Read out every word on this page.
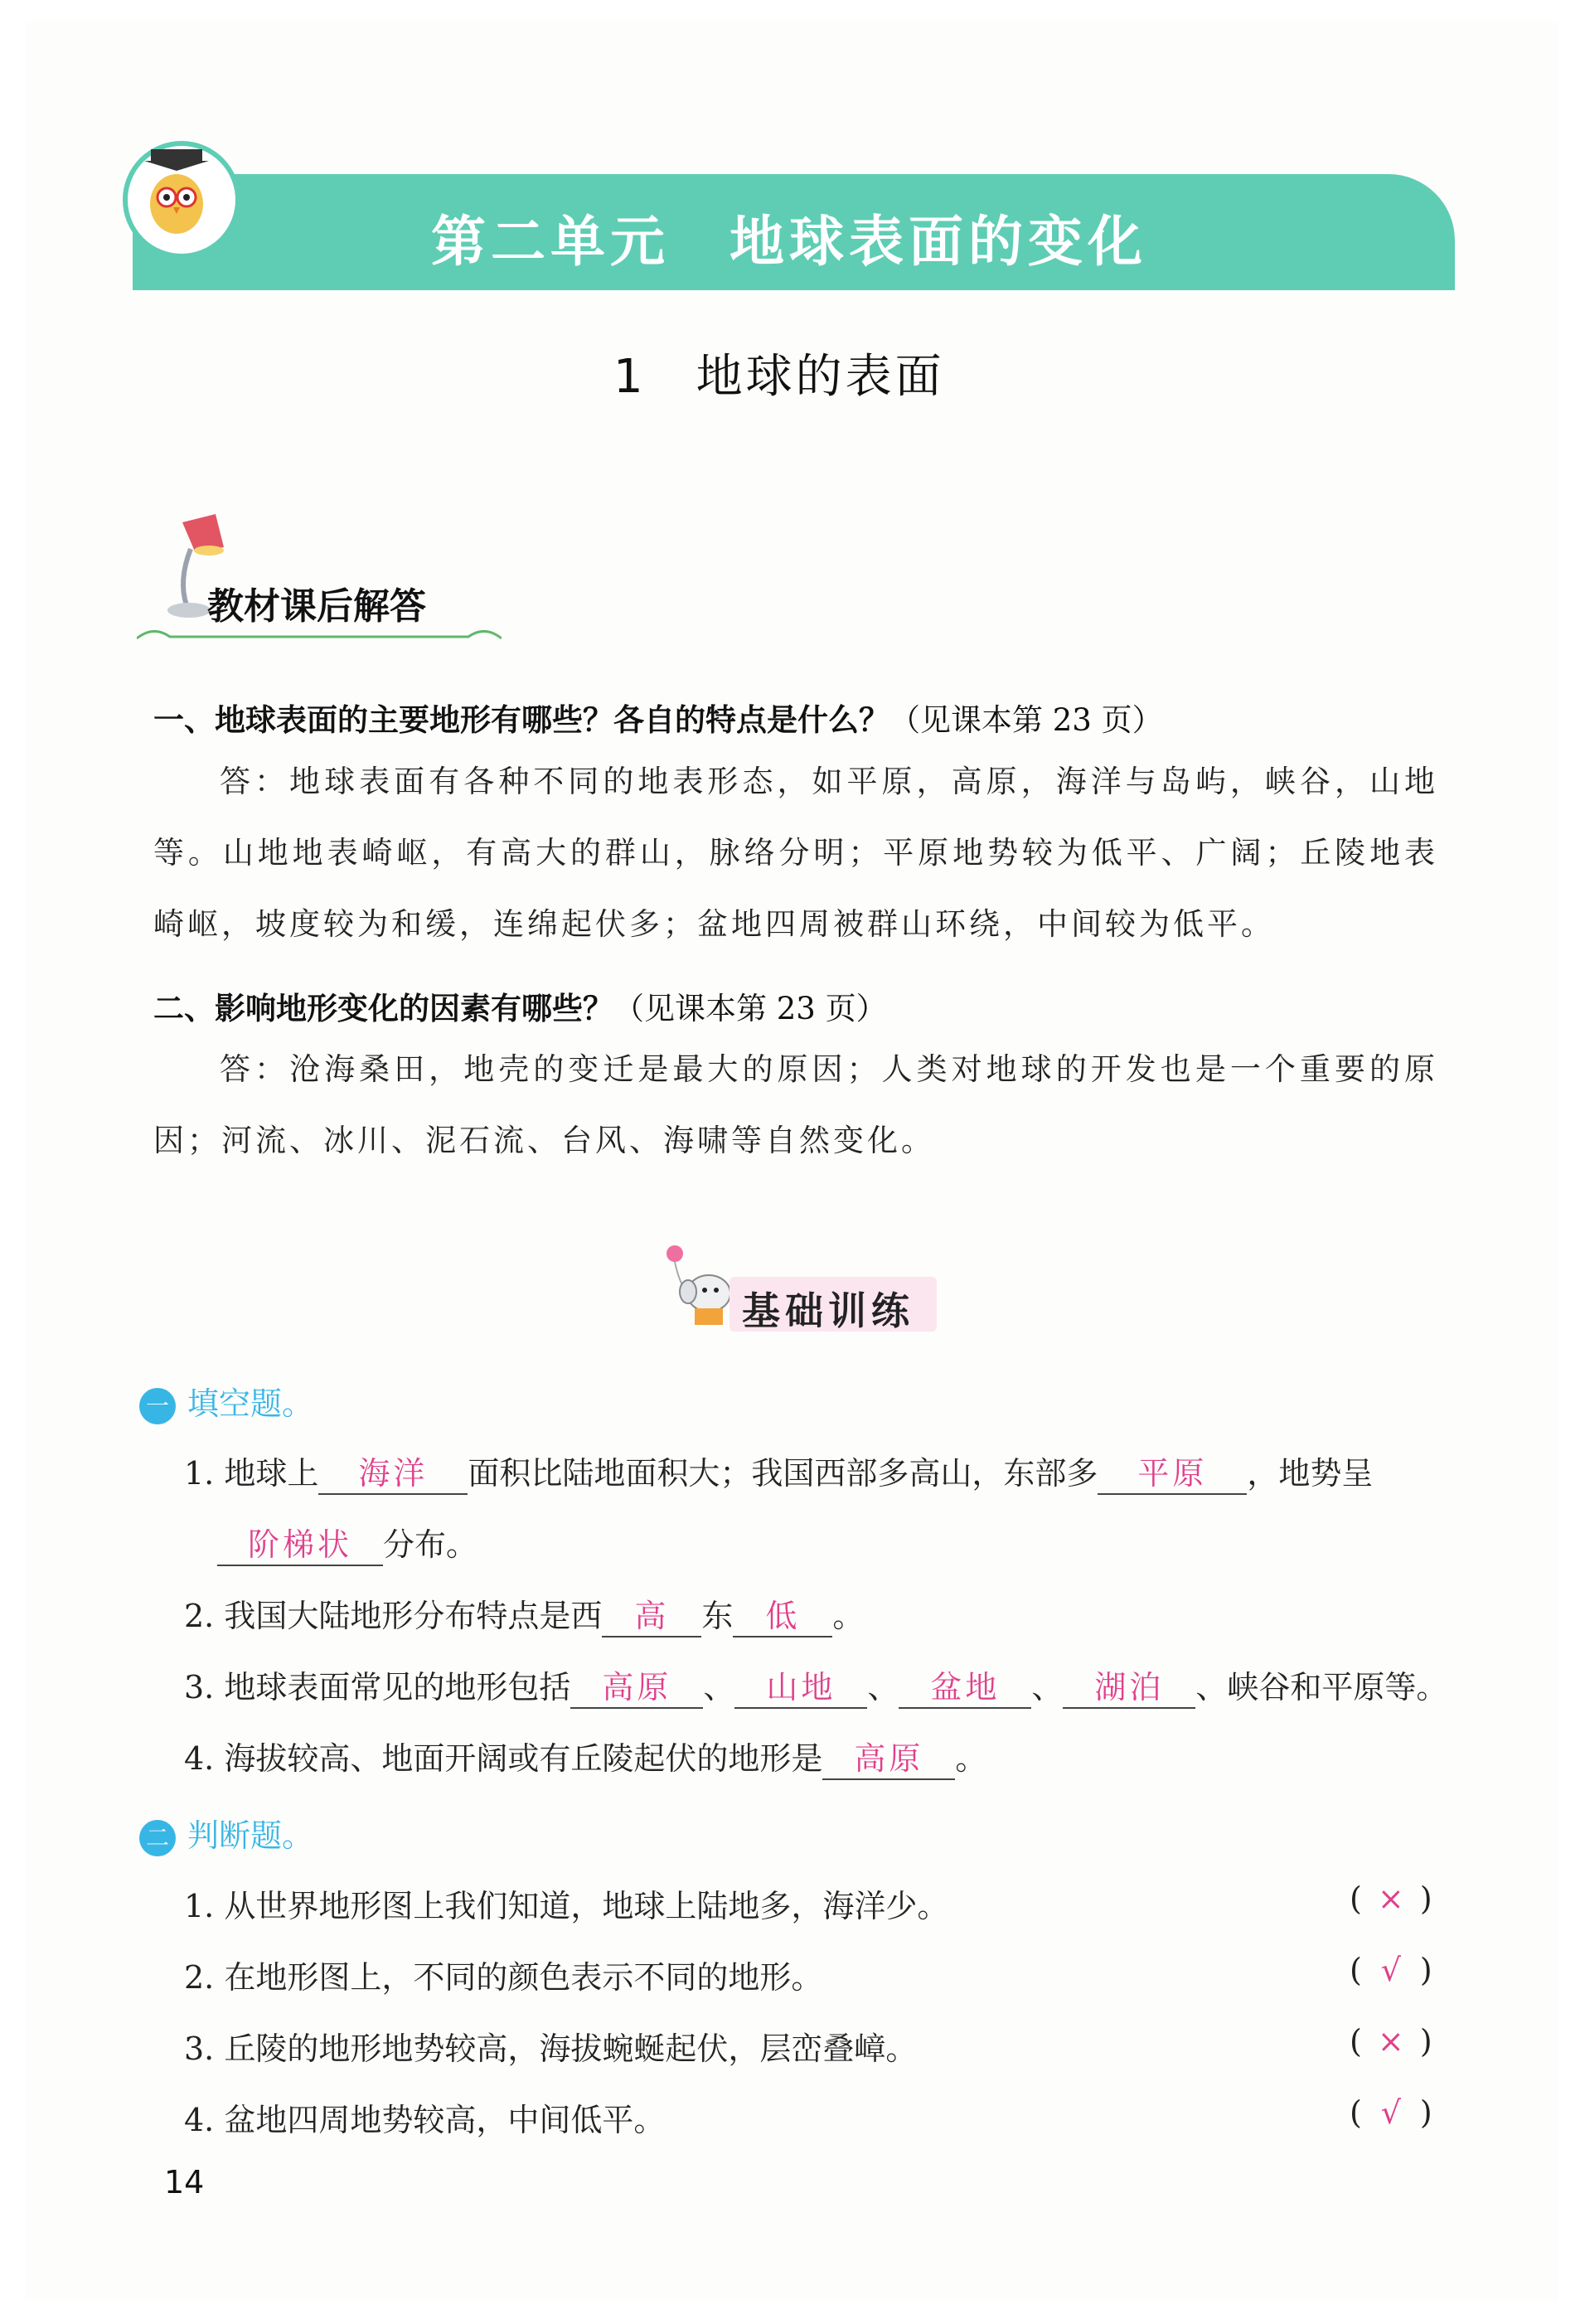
第二单元　地球表面的变化
1　地球的表面
教材课后解答
一、地球表面的主要地形有哪些？各自的特点是什么？（见课本第 23 页）
答：地球表面有各种不同的地表形态，如平原，高原，海洋与岛屿，峡谷，山地等。山地地表崎岖，有高大的群山，脉络分明；平原地势较为低平、广阔；丘陵地表崎岖，坡度较为和缓，连绵起伏多；盆地四周被群山环绕，中间较为低平。
二、影响地形变化的因素有哪些？（见课本第 23 页）
答：沧海桑田，地壳的变迁是最大的原因；人类对地球的开发也是一个重要的原因；河流、冰川、泥石流、台风、海啸等自然变化。
基础训练
一 填空题。
1. 地球上 海洋 面积比陆地面积大；我国西部多高山，东部多 平原 ，地势呈
阶梯状 分布。
2. 我国大陆地形分布特点是西 高 东 低 。
3. 地球表面常见的地形包括 高原 、 山地 、 盆地 、 湖泊 、峡谷和平原等。
4. 海拔较高、地面开阔或有丘陵起伏的地形是 高原 。
二 判断题。
1. 从世界地形图上我们知道，地球上陆地多，海洋少。	( × )
2. 在地形图上，不同的颜色表示不同的地形。	( √ )
3. 丘陵的地形地势较高，海拔蜿蜒起伏，层峦叠嶂。	( × )
4. 盆地四周地势较高，中间低平。	( √ )
14
